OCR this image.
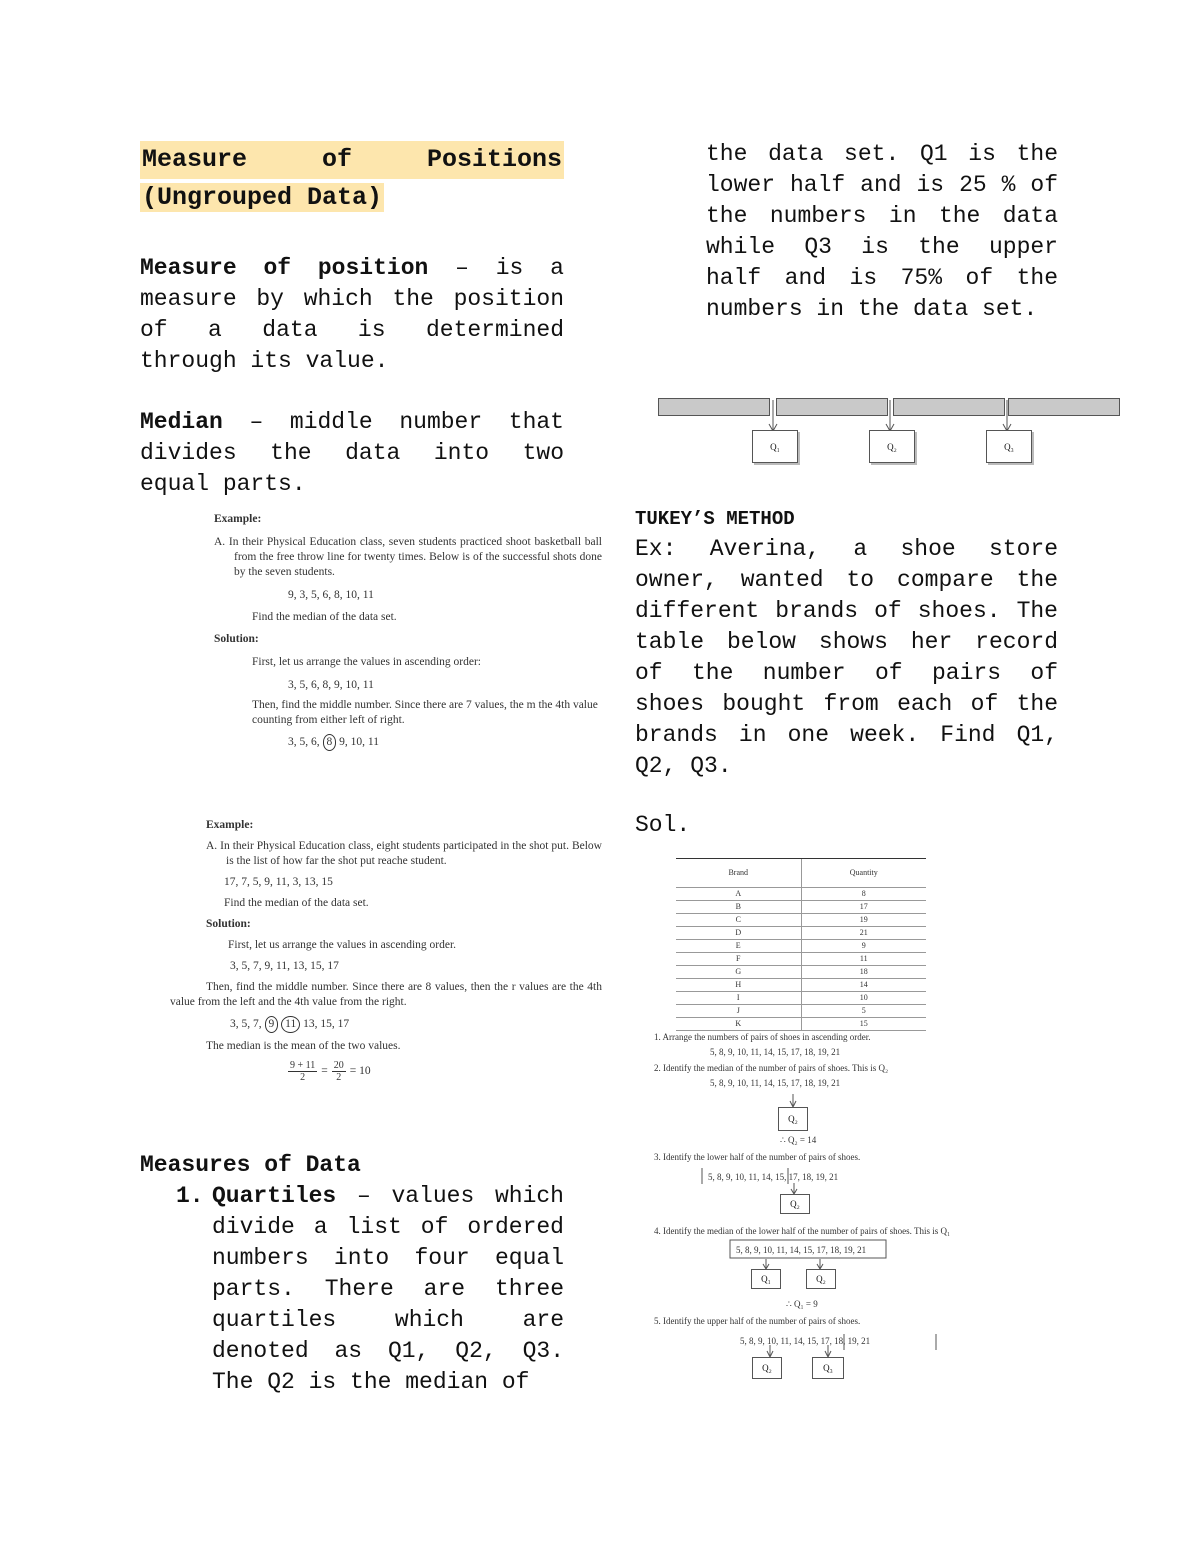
Measure	of	Positions
(Ungrouped Data)

Measure of position – is a measure by which the position of a data is determined through its value.

Median – middle number that divides the data into two equal parts.

Example:
A. In their Physical Education class, seven students practiced shoot basketball ball from the free throw line for twenty times. Below is of the successful shots done by the seven students.
9, 3, 5, 6, 8, 10, 11
Find the median of the data set.
Solution:
First, let us arrange the values in ascending order:
3, 5, 6, 8, 9, 10, 11
Then, find the middle number. Since there are 7 values, the m the 4th value counting from either left of right.
3, 5, 6, 8 9, 10, 11
Example:
A. In their Physical Education class, eight students participated in the shot put. Below is the list of how far the shot put reache student.
17, 7, 5, 9, 11, 3, 13, 15
Find the median of the data set.
Solution:
First, let us arrange the values in ascending order.
3, 5, 7, 9, 11, 13, 15, 17
Then, find the middle number. Since there are 8 values, then the r values are the 4th value from the left and the 4th value from the right.
3, 5, 7, 9 11 13, 15, 17
The median is the mean of the two values.
$\frac{9 + 11}{2} = \frac{20}{2} = 10$
Measures of Data
1. Quartiles – values which divide a list of ordered numbers into four equal parts. There are three quartiles which are denoted as Q1, Q2, Q3. The Q2 is the median of

the data set. Q1 is the lower half and is 25 % of the numbers in the data while Q3 is the upper half and is 75% of the numbers in the data set.

Q₁	Q₂	Q₃
TUKEY’S METHOD

Ex: Averina, a shoe store owner, wanted to compare the different brands of shoes. The table below shows her record of the number of pairs of shoes bought from each of the brands in one week. Find Q1, Q2, Q3.

Sol.
Brand	Quantity
A	8
B	17
C	19
D	21
E	9
F	11
G	18
H	14
I	10
J	5
K	15
1. Arrange the numbers of pairs of shoes in ascending order.
5, 8, 9, 10, 11, 14, 15, 17, 18, 19, 21
2. Identify the median of the number of pairs of shoes. This is Q₂
5, 8, 9, 10, 11, 14, 15, 17, 18, 19, 21
Q₂
∴ Q₂ = 14
3. Identify the lower half of the number of pairs of shoes.
5, 8, 9, 10, 11, 14, 15, 17, 18, 19, 21
Q₂
4. Identify the median of the lower half of the number of pairs of shoes. This is Q₁
5, 8, 9, 10, 11, 14, 15, 17, 18, 19, 21
Q₁	Q₂
∴ Q₁ = 9
5. Identify the upper half of the number of pairs of shoes.
5, 8, 9, 10, 11, 14, 15, 17, 18, 19, 21
Q₂	Q₃
